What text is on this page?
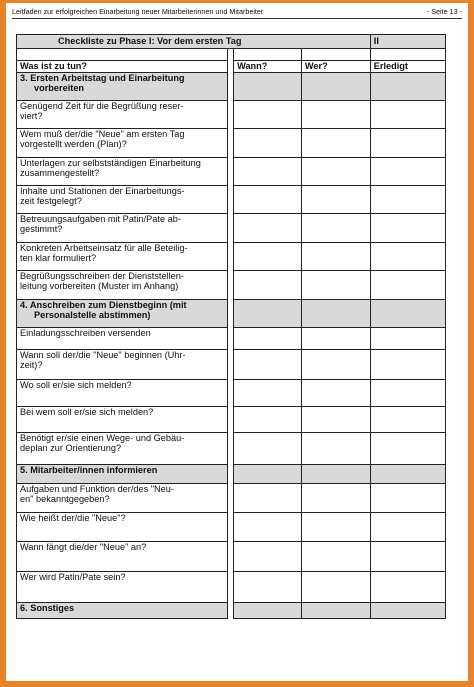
Leitfaden zur erfolgreichen Einarbeitung neuer Mitarbeiterinnen und Mitarbeiter	- Seite 13 -
Checkliste zu Phase I: Vor dem ersten Tag				II

Was ist zu tun?		Wann?	Wer?	Erledigt

3. Ersten Arbeitstag und Einarbeitung
vorbereiten				

Genügend Zeit für die Begrüßung reser-
viert?				

Wem muß der/die "Neue" am ersten Tag
vorgestellt werden (Plan)?				

Unterlagen zur selbstständigen Einarbeitung
zusammengestellt?				

Inhalte und Stationen der Einarbeitungs-
zeit festgelegt?				

Betreuungsaufgaben mit Patin/Pate ab-
gestimmt?				

Konkreten Arbeitseinsatz für alle Beteilig-
ten klar formuliert?				

Begrüßungsschreiben der Dienststellen-
leitung vorbereiten (Muster im Anhang)				

4. Anschreiben zum Dienstbeginn (mit
Personalstelle abstimmen)				

Einladungsschreiben versenden				

Wann soll der/die "Neue" beginnen (Uhr-
zeit)?				

Wo soll er/sie sich melden?				

Bei wem soll er/sie sich melden?				

Benötigt er/sie einen Wege- und Gebäu-
deplan zur Orientierung?				

5. Mitarbeiter/innen informieren				

Aufgaben und Funktion der/des "Neu-
en" bekanntgegeben?				

Wie heißt der/die "Neue"?				

Wann fängt die/der "Neue" an?				

Wer wird Patin/Pate sein?				

6. Sonstiges				
